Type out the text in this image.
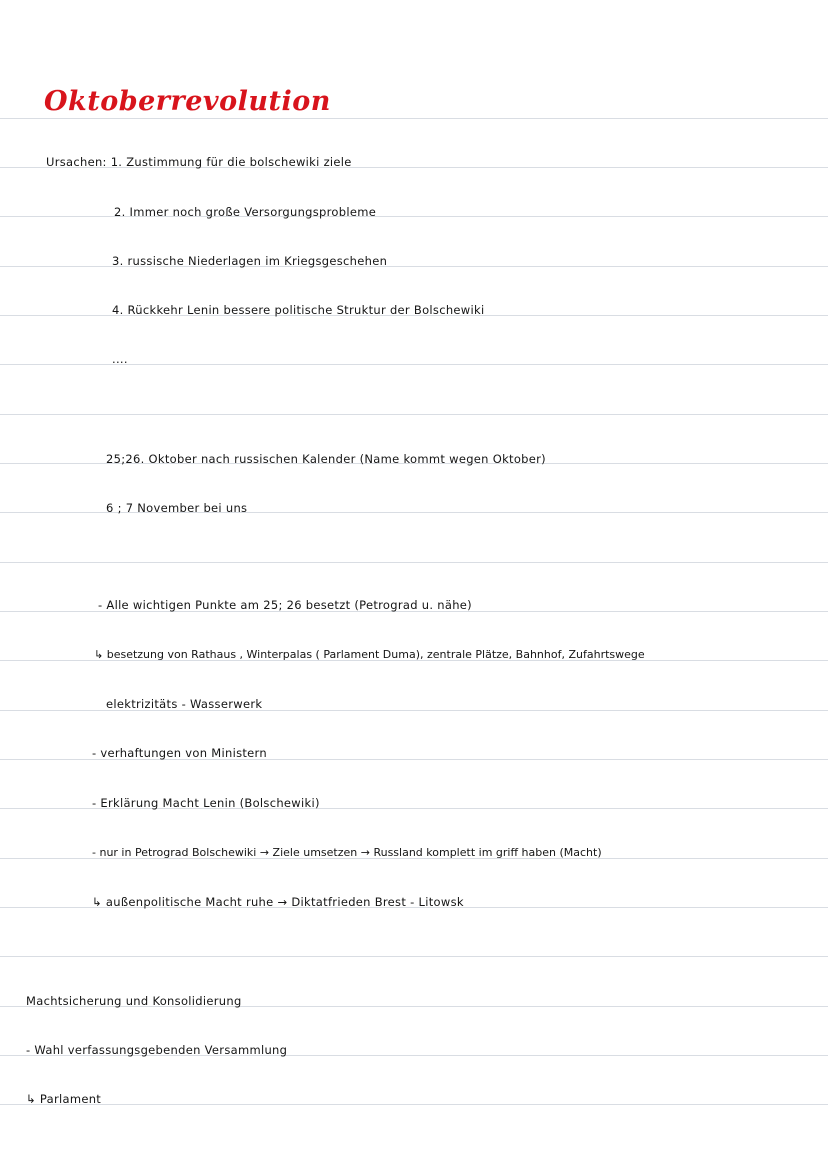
Oktoberrevolution
Ursachen: 1. Zustimmung für die bolschewiki ziele
2. Immer noch große Versorgungsprobleme
3. russische Niederlagen im Kriegsgeschehen
4. Rückkehr Lenin bessere politische Struktur der Bolschewiki
....
25;26. Oktober nach russischen Kalender (Name kommt wegen Oktober)
6 ; 7 November bei uns
- Alle wichtigen Punkte am 25; 26 besetzt (Petrograd u. nähe)
↳ besetzung von Rathaus , Winterpalas ( Parlament Duma), zentrale Plätze, Bahnhof, Zufahrtswege
elektrizitäts - Wasserwerk
- verhaftungen von Ministern
- Erklärung Macht Lenin (Bolschewiki)
- nur in Petrograd Bolschewiki → Ziele umsetzen → Russland komplett im griff haben (Macht)
↳ außenpolitische Macht ruhe → Diktatfrieden Brest - Litowsk
Machtsicherung und Konsolidierung
- Wahl verfassungsgebenden Versammlung
↳ Parlament
